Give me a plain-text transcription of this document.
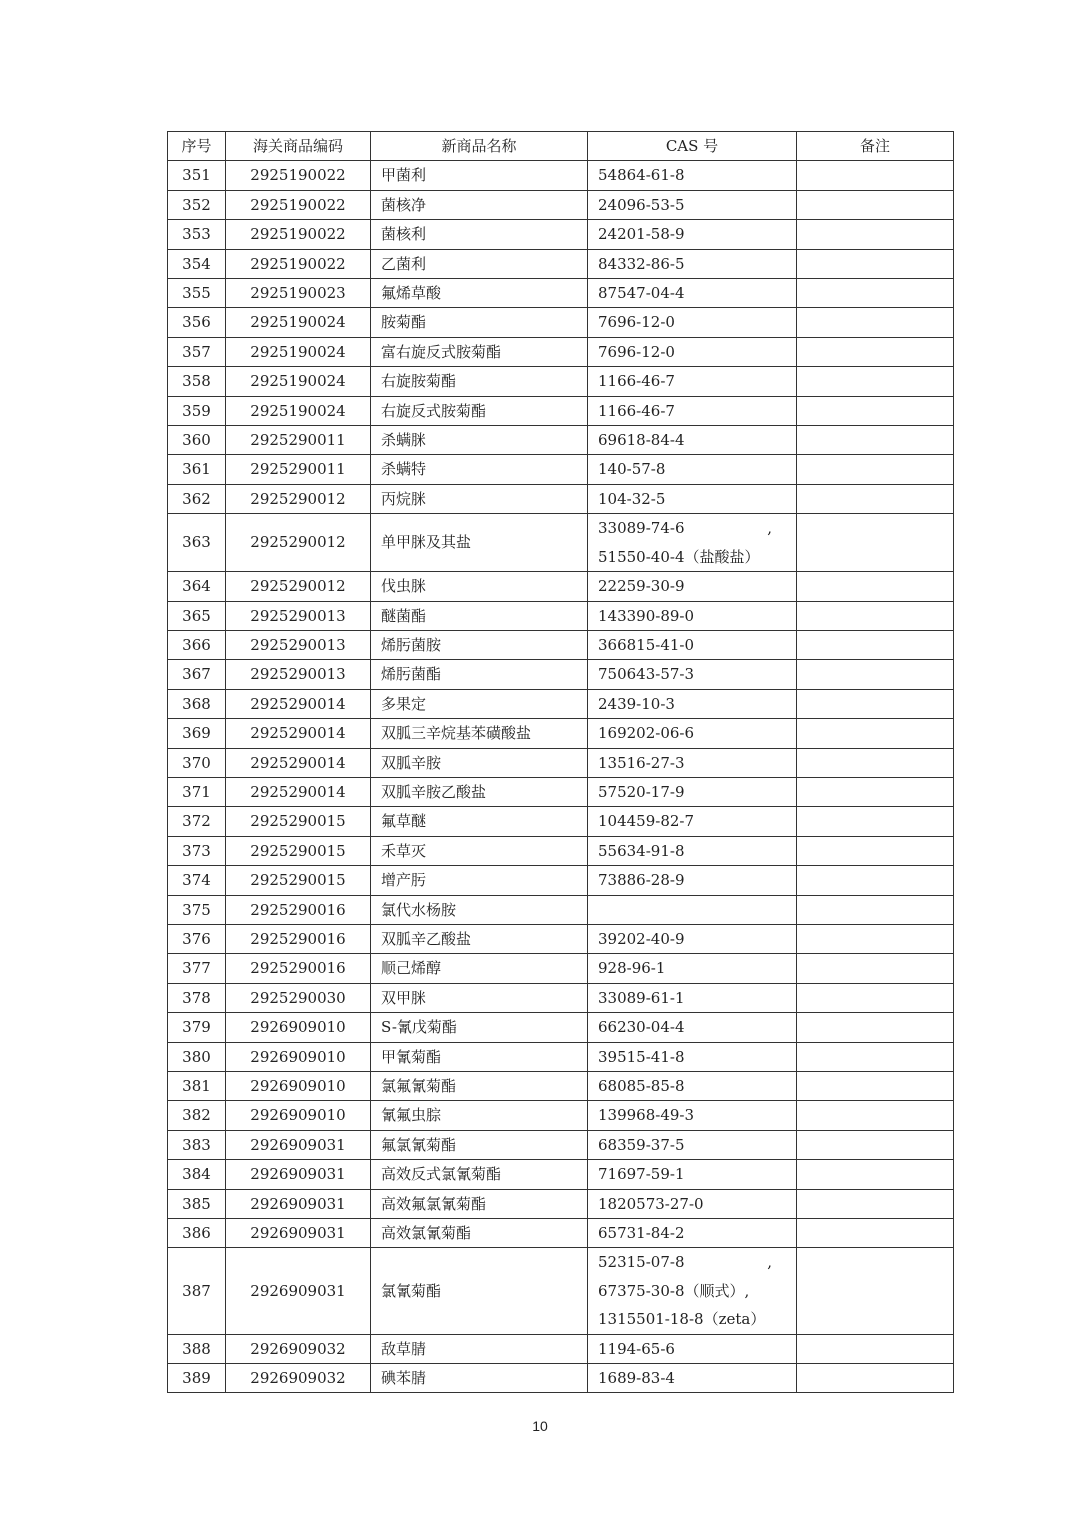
序号	海关商品编码	新商品名称	CAS 号	备注
351	2925190022	甲菌利	54864-61-8	

352	2925190022	菌核净	24096-53-5	

353	2925190022	菌核利	24201-58-9	

354	2925190022	乙菌利	84332-86-5	

355	2925190023	氟烯草酸	87547-04-4	

356	2925190024	胺菊酯	7696-12-0	

357	2925190024	富右旋反式胺菊酯	7696-12-0	

358	2925190024	右旋胺菊酯	1166-46-7	

359	2925190024	右旋反式胺菊酯	1166-46-7	

360	2925290011	杀螨脒	69618-84-4	

361	2925290011	杀螨特	140-57-8	

362	2925290012	丙烷脒	104-32-5	

363	2925290012	单甲脒及其盐	33089-74-6 ,
51550-40-4（盐酸盐）	

364	2925290012	伐虫脒	22259-30-9	

365	2925290013	醚菌酯	143390-89-0	

366	2925290013	烯肟菌胺	366815-41-0	

367	2925290013	烯肟菌酯	750643-57-3	

368	2925290014	多果定	2439-10-3	

369	2925290014	双胍三辛烷基苯磺酸盐	169202-06-6	

370	2925290014	双胍辛胺	13516-27-3	

371	2925290014	双胍辛胺乙酸盐	57520-17-9	

372	2925290015	氟草醚	104459-82-7	

373	2925290015	禾草灭	55634-91-8	

374	2925290015	增产肟	73886-28-9	

375	2925290016	氯代水杨胺	

376	2925290016	双胍辛乙酸盐	39202-40-9	

377	2925290016	顺己烯醇	928-96-1	

378	2925290030	双甲脒	33089-61-1	

379	2926909010	S-氰戊菊酯	66230-04-4	

380	2926909010	甲氰菊酯	39515-41-8	

381	2926909010	氯氟氰菊酯	68085-85-8	

382	2926909010	氰氟虫腙	139968-49-3	

383	2926909031	氟氯氰菊酯	68359-37-5	

384	2926909031	高效反式氯氰菊酯	71697-59-1	

385	2926909031	高效氟氯氰菊酯	1820573-27-0	

386	2926909031	高效氯氰菊酯	65731-84-2	

387	2926909031	氯氰菊酯	52315-07-8 ,
67375-30-8（顺式）,
1315501-18-8（zeta）	

388	2926909032	敌草腈	1194-65-6	

389	2926909032	碘苯腈	1689-83-4	

10
